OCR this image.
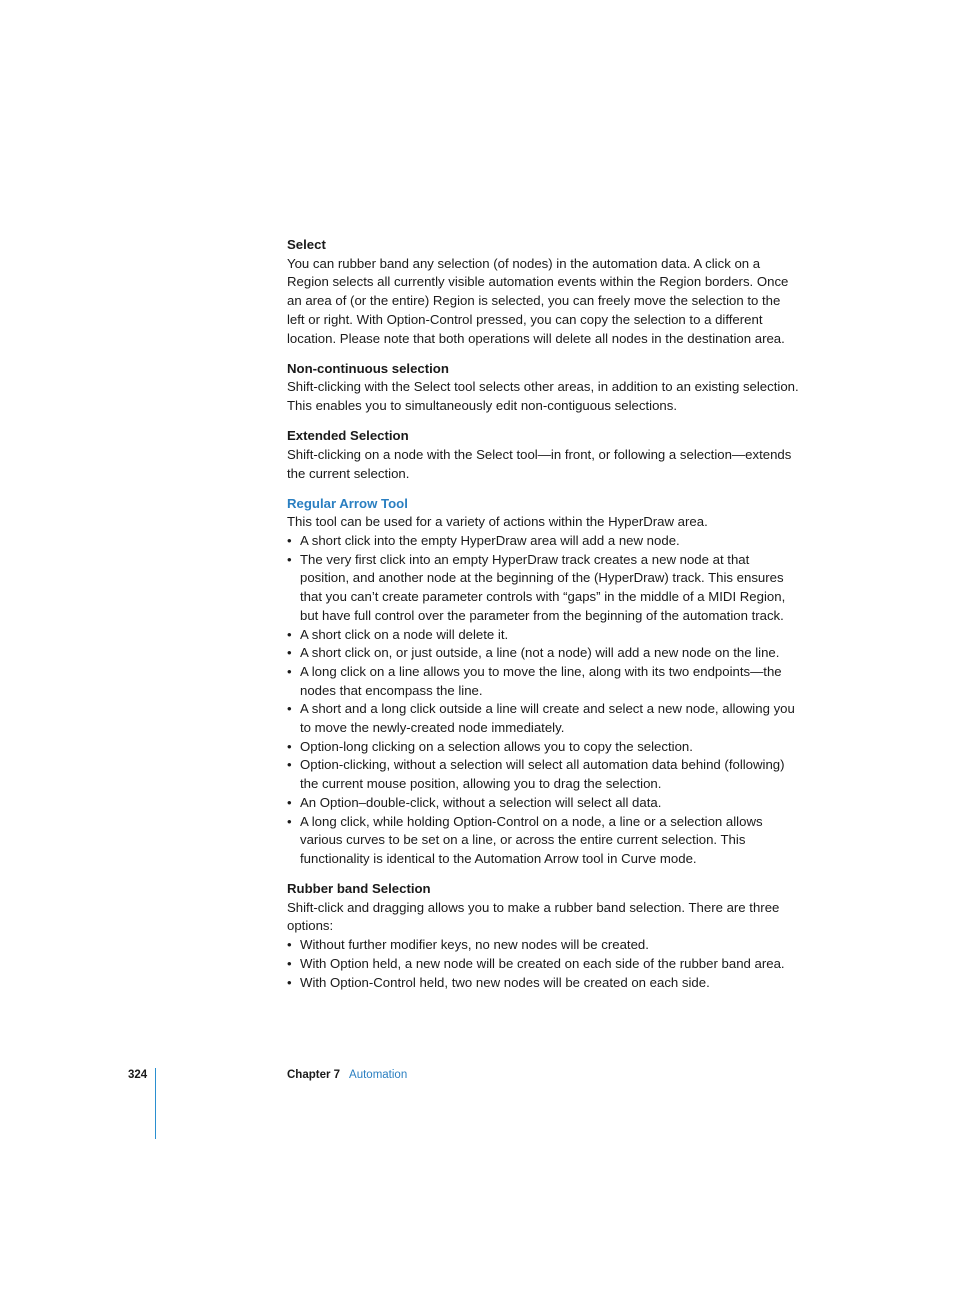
Select

You can rubber band any selection (of nodes) in the automation data. A click on a Region selects all currently visible automation events within the Region borders. Once an area of (or the entire) Region is selected, you can freely move the selection to the left or right. With Option-Control pressed, you can copy the selection to a different location. Please note that both operations will delete all nodes in the destination area.

Non-continuous selection

Shift-clicking with the Select tool selects other areas, in addition to an existing selection. This enables you to simultaneously edit non-contiguous selections.

Extended Selection

Shift-clicking on a node with the Select tool—in front, or following a selection—extends the current selection.

Regular Arrow Tool

This tool can be used for a variety of actions within the HyperDraw area.

• A short click into the empty HyperDraw area will add a new node.
• The very first click into an empty HyperDraw track creates a new node at that position, and another node at the beginning of the (HyperDraw) track. This ensures that you can’t create parameter controls with “gaps” in the middle of a MIDI Region, but have full control over the parameter from the beginning of the automation track.
• A short click on a node will delete it.
• A short click on, or just outside, a line (not a node) will add a new node on the line.
• A long click on a line allows you to move the line, along with its two endpoints—the nodes that encompass the line.
• A short and a long click outside a line will create and select a new node, allowing you to move the newly-created node immediately.
• Option-long clicking on a selection allows you to copy the selection.
• Option-clicking, without a selection will select all automation data behind (following) the current mouse position, allowing you to drag the selection.
• An Option–double-click, without a selection will select all data.
• A long click, while holding Option-Control on a node, a line or a selection allows various curves to be set on a line, or across the entire current selection. This functionality is identical to the Automation Arrow tool in Curve mode.

Rubber band Selection

Shift-click and dragging allows you to make a rubber band selection. There are three options:

• Without further modifier keys, no new nodes will be created.
• With Option held, a new node will be created on each side of the rubber band area.
• With Option-Control held, two new nodes will be created on each side.
324	Chapter 7 Automation
